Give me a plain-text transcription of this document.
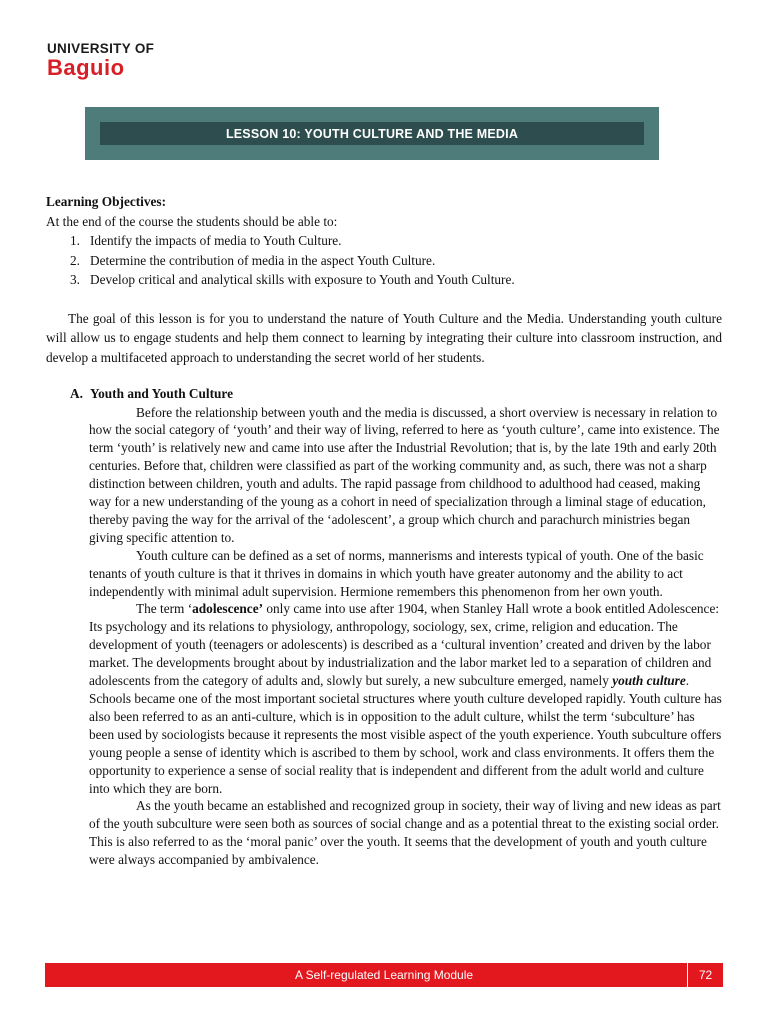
UNIVERSITY OF
Baguio
LESSON 10: YOUTH CULTURE AND THE MEDIA
Learning Objectives:
At the end of the course the students should be able to:
1. Identify the impacts of media to Youth Culture.
2. Determine the contribution of media in the aspect Youth Culture.
3. Develop critical and analytical skills with exposure to Youth and Youth Culture.

The goal of this lesson is for you to understand the nature of Youth Culture and the Media. Understanding youth culture will allow us to engage students and help them connect to learning by integrating their culture into classroom instruction, and develop a multifaceted approach to understanding the secret world of her students.

A. Youth and Youth Culture

Before the relationship between youth and the media is discussed, a short overview is necessary in relation to how the social category of ‘youth’ and their way of living, referred to here as ‘youth culture’, came into existence. The term ‘youth’ is relatively new and came into use after the Industrial Revolution; that is, by the late 19th and early 20th centuries. Before that, children were classified as part of the working community and, as such, there was not a sharp distinction between children, youth and adults. The rapid passage from childhood to adulthood had ceased, making way for a new understanding of the young as a cohort in need of specialization through a liminal stage of education, thereby paving the way for the arrival of the ‘adolescent’, a group which church and parachurch ministries began giving specific attention to.

Youth culture can be defined as a set of norms, mannerisms and interests typical of youth. One of the basic tenants of youth culture is that it thrives in domains in which youth have greater autonomy and the ability to act independently with minimal adult supervision. Hermione remembers this phenomenon from her own youth.

The term ‘adolescence’ only came into use after 1904, when Stanley Hall wrote a book entitled Adolescence: Its psychology and its relations to physiology, anthropology, sociology, sex, crime, religion and education. The development of youth (teenagers or adolescents) is described as a ‘cultural invention’ created and driven by the labor market. The developments brought about by industrialization and the labor market led to a separation of children and adolescents from the category of adults and, slowly but surely, a new subculture emerged, namely youth culture. Schools became one of the most important societal structures where youth culture developed rapidly. Youth culture has also been referred to as an anti-culture, which is in opposition to the adult culture, whilst the term ‘subculture’ has been used by sociologists because it represents the most visible aspect of the youth experience. Youth subculture offers young people a sense of identity which is ascribed to them by school, work and class environments. It offers them the opportunity to experience a sense of social reality that is independent and different from the adult world and culture into which they are born.

As the youth became an established and recognized group in society, their way of living and new ideas as part of the youth subculture were seen both as sources of social change and as a potential threat to the existing social order. This is also referred to as the ‘moral panic’ over the youth. It seems that the development of youth and youth culture were always accompanied by ambivalence.

A Self-regulated Learning Module	72
